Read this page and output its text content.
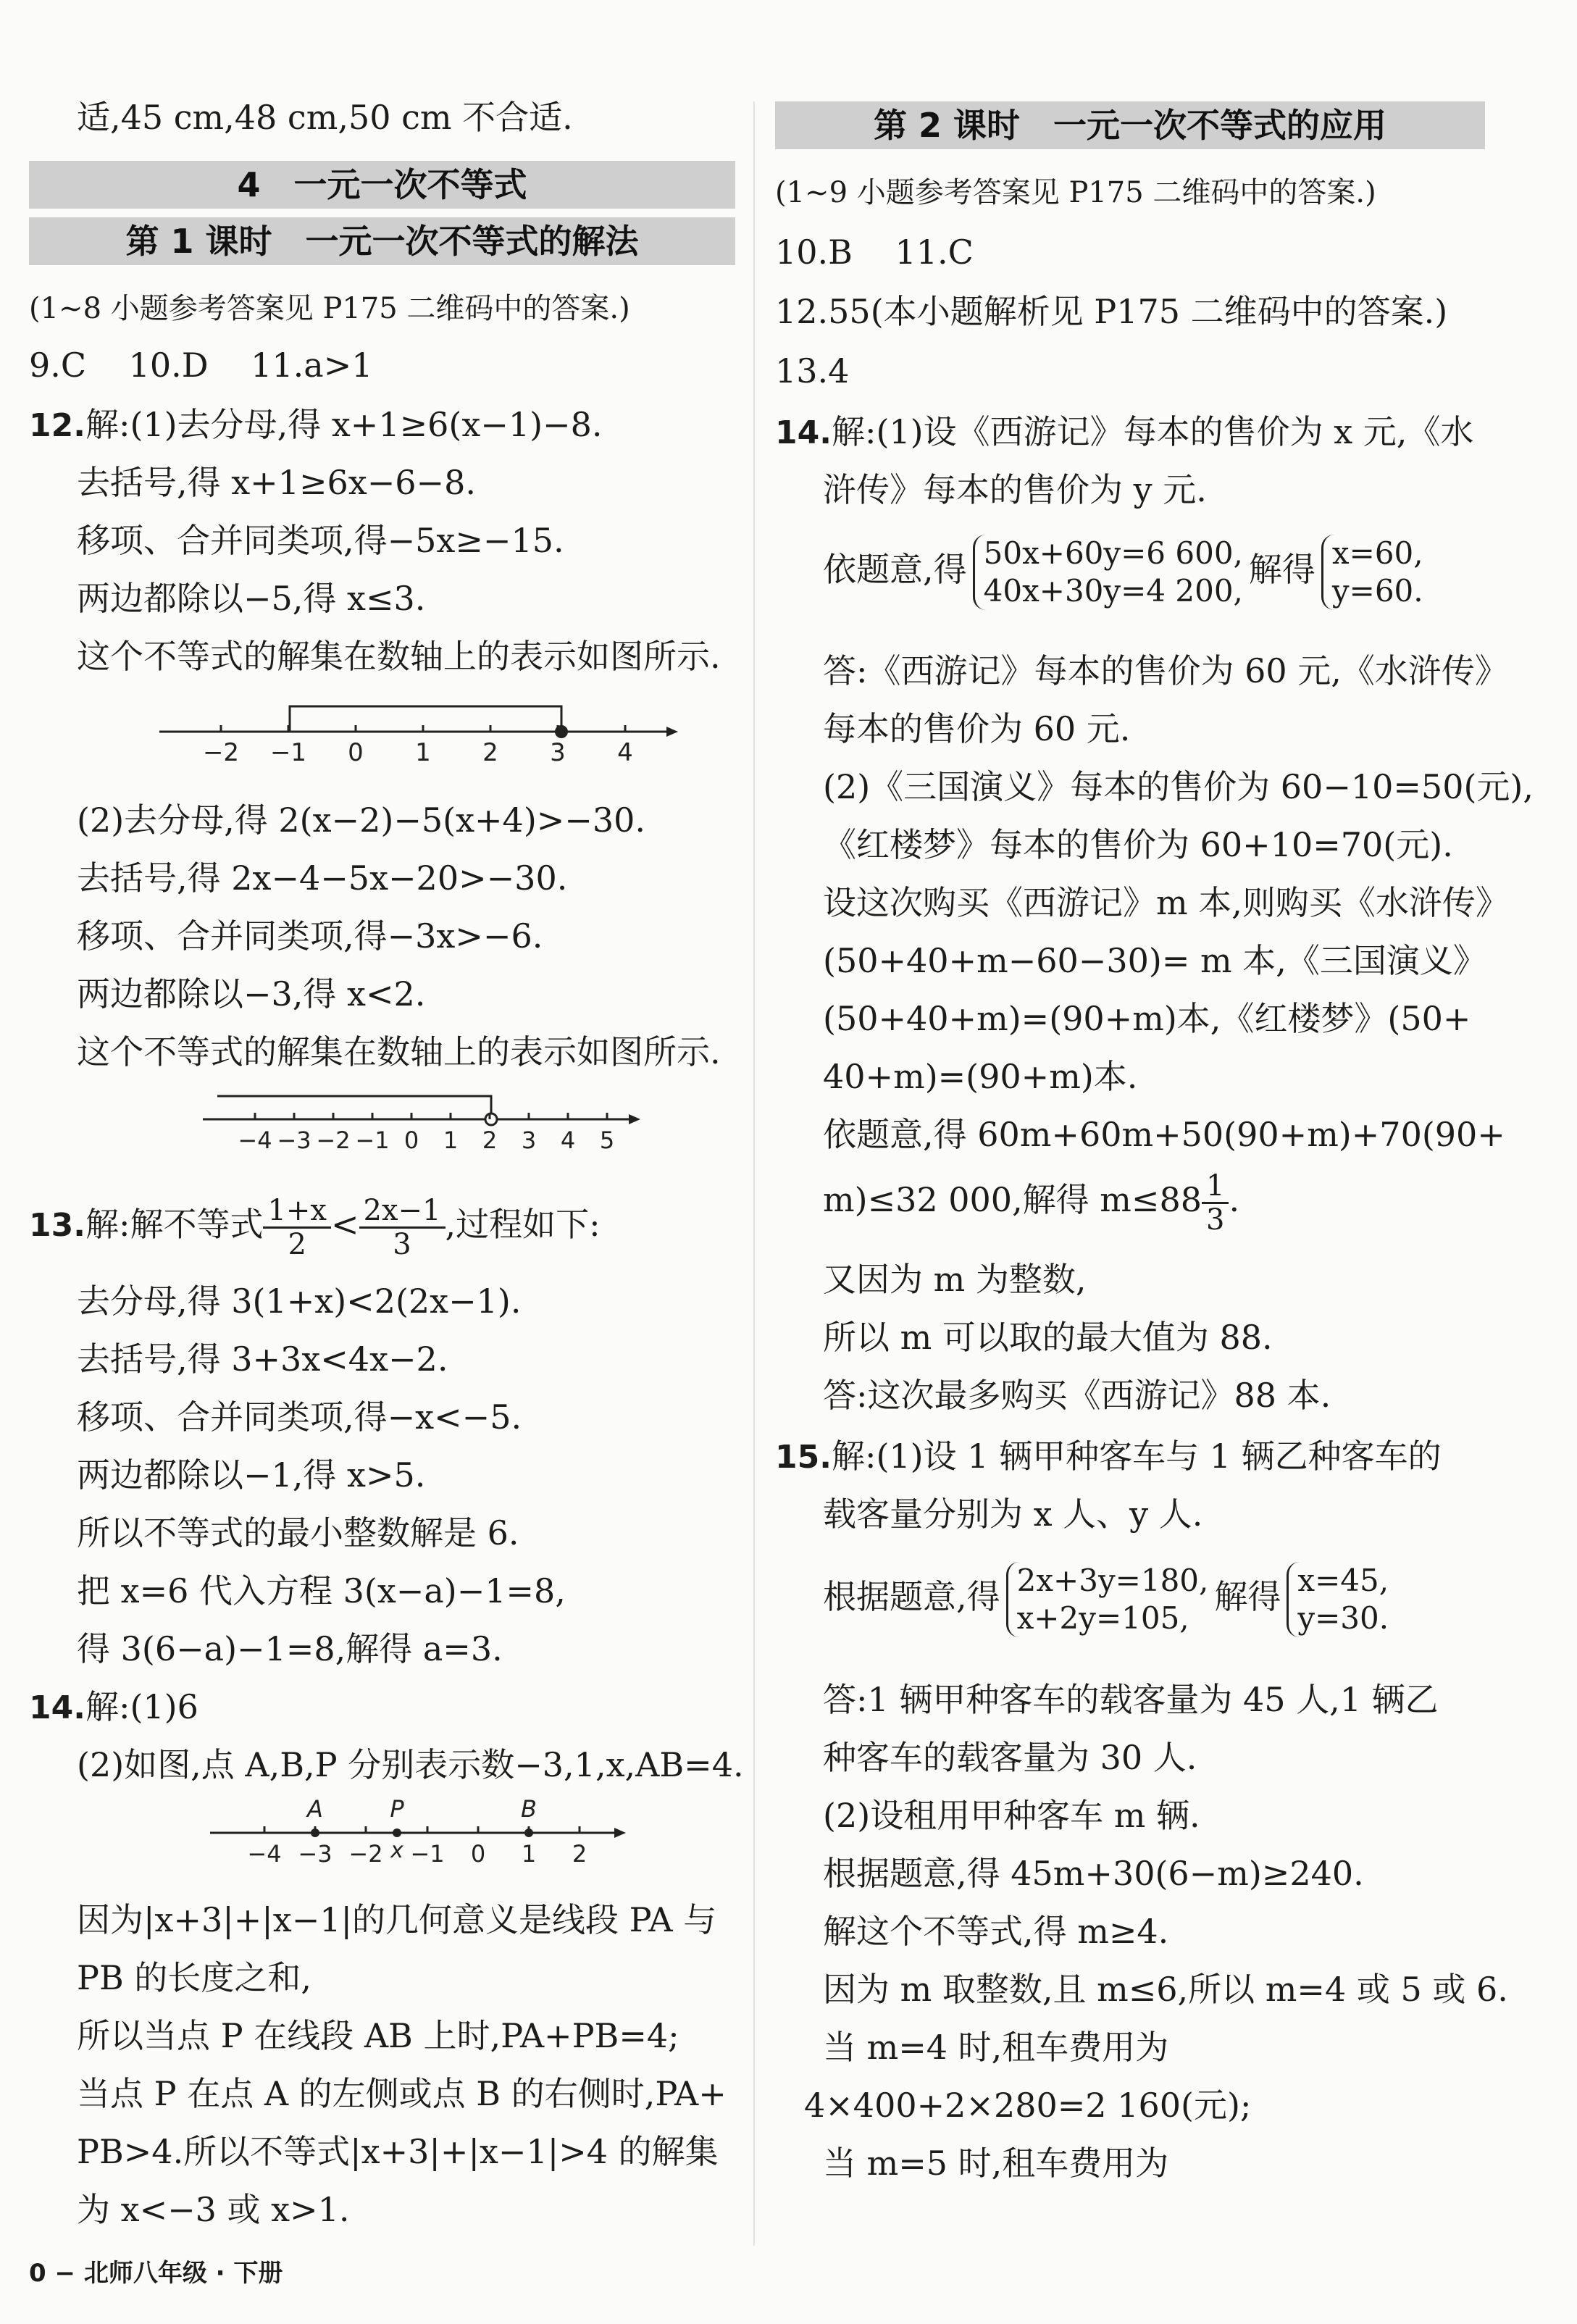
适,45 cm,48 cm,50 cm 不合适.
4　一元一次不等式
第 1 课时　一元一次不等式的解法
(1~8 小题参考答案见 P175 二维码中的答案.)
9.C 10.D 11.a>1
12.解:(1)去分母,得 x+1≥6(x−1)−8.
去括号,得 x+1≥6x−6−8.
移项、合并同类项,得−5x≥−15.
两边都除以−5,得 x≤3.
这个不等式的解集在数轴上的表示如图所示.
−2 −1 0 1 2 3 4
(2)去分母,得 2(x−2)−5(x+4)>−30.
去括号,得 2x−4−5x−20>−30.
移项、合并同类项,得−3x>−6.
两边都除以−3,得 x<2.
这个不等式的解集在数轴上的表示如图所示.
−4 −3 −2 −1 0 1 2 3 4 5
13.解:解不等式 $\frac{1+x}{2} < \frac{2x-1}{3}$ ,过程如下:
去分母,得 3(1+x)<2(2x−1).
去括号,得 3+3x<4x−2.
移项、合并同类项,得−x<−5.
两边都除以−1,得 x>5.
所以不等式的最小整数解是 6.
把 x=6 代入方程 3(x−a)−1=8,
得 3(6−a)−1=8,解得 a=3.
14.解:(1)6
(2)如图,点 A,B,P 分别表示数−3,1,x,AB=4.
−4 −3 −2 x −1 0 1 2
A	P	B
因为|x+3|+|x−1|的几何意义是线段 PA 与
PB 的长度之和,
所以当点 P 在线段 AB 上时,PA+PB=4;
当点 P 在点 A 的左侧或点 B 的右侧时,PA+
PB>4.所以不等式|x+3|+|x−1|>4 的解集
为 x<−3 或 x>1.
0 − 北师八年级 · 下册
第 2 课时　一元一次不等式的应用
(1~9 小题参考答案见 P175 二维码中的答案.)
10.B 11.C
12.55(本小题解析见 P175 二维码中的答案.)
13.4
14.解:(1)设《西游记》每本的售价为 x 元,《水
浒传》每本的售价为 y 元.
依题意,得 50x+60y=6 600,
40x+30y=4 200,解得 x=60,
y=60.
答:《西游记》每本的售价为 60 元,《水浒传》
每本的售价为 60 元.
(2)《三国演义》每本的售价为 60−10=50(元),
《红楼梦》每本的售价为 60+10=70(元).
设这次购买《西游记》m 本,则购买《水浒传》
(50+40+m−60−30)= m 本,《三国演义》
(50+40+m)=(90+m)本,《红楼梦》(50+
40+m)=(90+m)本.
依题意,得 60m+60m+50(90+m)+70(90+
m)≤32 000,解得 $m\le 88 \frac{1}{3}$ .
又因为 m 为整数,
所以 m 可以取的最大值为 88.
答:这次最多购买《西游记》88 本.
15.解:(1)设 1 辆甲种客车与 1 辆乙种客车的
载客量分别为 x 人、y 人.
根据题意,得 2x+3y=180,
x+2y=105,解得 x=45,
y=30.
答:1 辆甲种客车的载客量为 45 人,1 辆乙
种客车的载客量为 30 人.
(2)设租用甲种客车 m 辆.
根据题意,得 45m+30(6−m)≥240.
解这个不等式,得 m≥4.
因为 m 取整数,且 m≤6,所以 m=4 或 5 或 6.
当 m=4 时,租车费用为
4×400+2×280=2 160(元);
当 m=5 时,租车费用为
